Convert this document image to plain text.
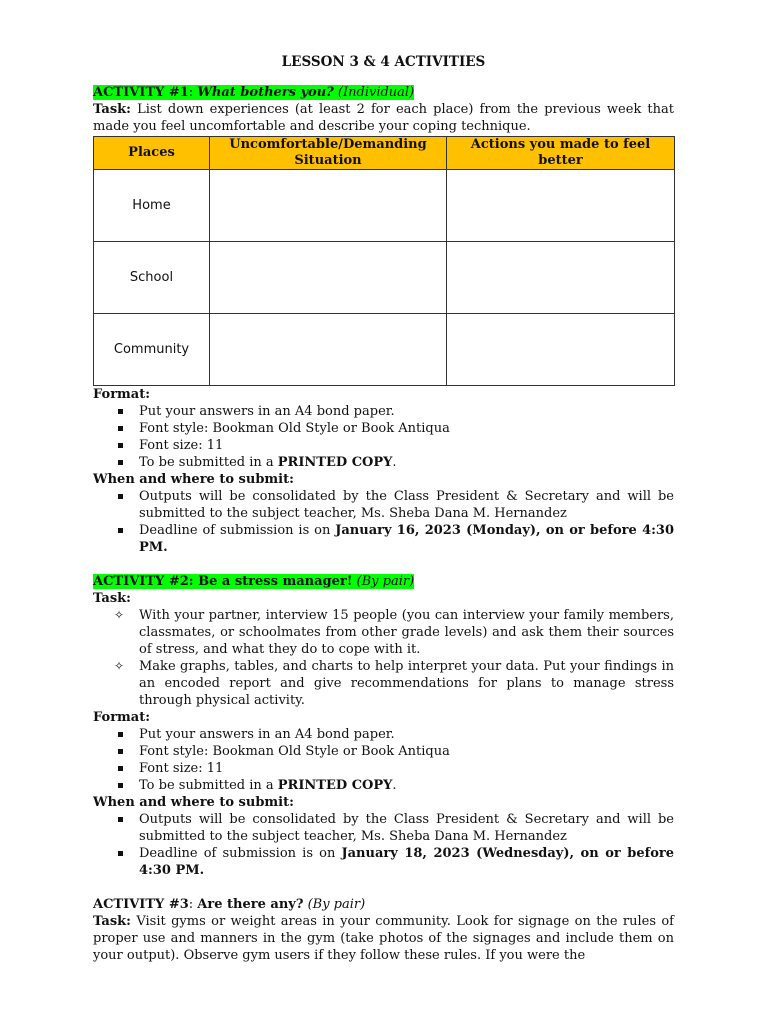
LESSON 3 & 4 ACTIVITIES
ACTIVITY #1: What bothers you? (Individual)

Task: List down experiences (at least 2 for each place) from the previous week that made you feel uncomfortable and describe your coping technique.

Places	Uncomfortable/Demanding Situation	Actions you made to feel better
Home		
School		
Community		

Format:

Put your answers in an A4 bond paper.
Font style: Bookman Old Style or Book Antiqua
Font size: 11
To be submitted in a PRINTED COPY.

When and where to submit:

Outputs will be consolidated by the Class President & Secretary and will be submitted to the subject teacher, Ms. Sheba Dana M. Hernandez
Deadline of submission is on January 16, 2023 (Monday), on or before 4:30 PM.
ACTIVITY #2: Be a stress manager! (By pair)

Task:

✧ With your partner, interview 15 people (you can interview your family members, classmates, or schoolmates from other grade levels) and ask them their sources of stress, and what they do to cope with it.
✧ Make graphs, tables, and charts to help interpret your data. Put your findings in an encoded report and give recommendations for plans to manage stress through physical activity.

Format:

Put your answers in an A4 bond paper.
Font style: Bookman Old Style or Book Antiqua
Font size: 11
To be submitted in a PRINTED COPY.

When and where to submit:

Outputs will be consolidated by the Class President & Secretary and will be submitted to the subject teacher, Ms. Sheba Dana M. Hernandez
Deadline of submission is on January 18, 2023 (Wednesday), on or before 4:30 PM.
ACTIVITY #3: Are there any? (By pair)

Task: Visit gyms or weight areas in your community. Look for signage on the rules of proper use and manners in the gym (take photos of the signages and include them on your output). Observe gym users if they follow these rules. If you were the
